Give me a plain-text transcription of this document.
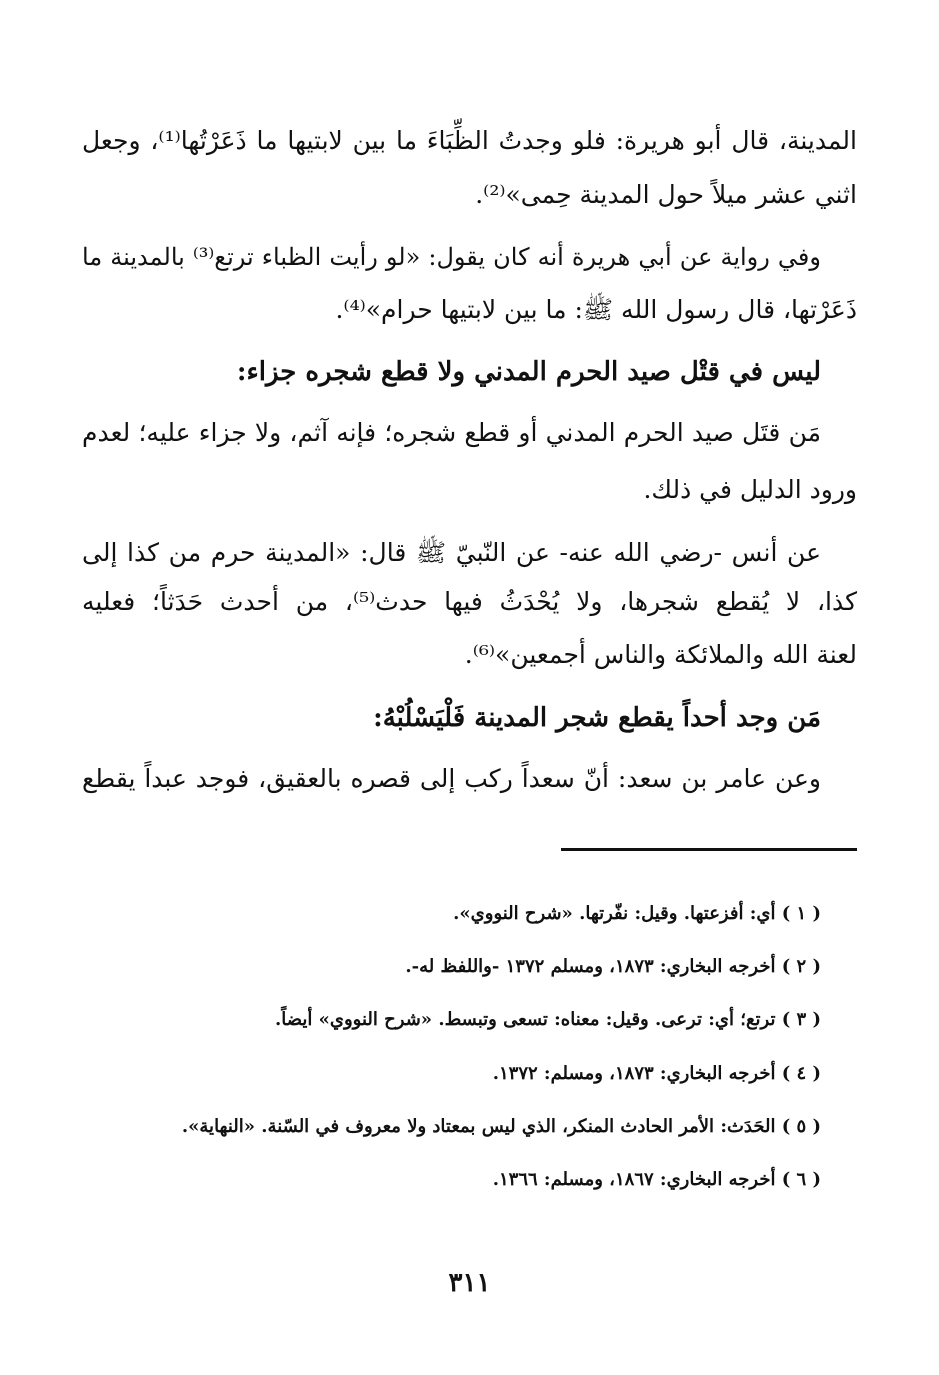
المدينة، قال أبو هريرة: فلو وجدتُ الظِّبَاءَ ما بين لابتيها ما ذَعَرْتُها⁽¹⁾، وجعل
اثني عشر ميلاً حول المدينة حِمى»⁽²⁾.
وفي رواية عن أبي هريرة أنه كان يقول: «لو رأيت الظباء ترتع⁽³⁾ بالمدينة ما
ذَعَرْتها، قال رسول الله ﷺ: ما بين لابتيها حرام»⁽⁴⁾.
ليس في قتْل صيد الحرم المدني ولا قطع شجره جزاء:
مَن قتَل صيد الحرم المدني أو قطع شجره؛ فإنه آثم، ولا جزاء عليه؛ لعدم
ورود الدليل في ذلك.
عن أنس -رضي الله عنه- عن النّبيّ ﷺ قال: «المدينة حرم من كذا إلى
كذا، لا يُقطع شجرها، ولا يُحْدَثُ فيها حدث⁽⁵⁾، من أحدث حَدَثاً؛ فعليه
لعنة الله والملائكة والناس أجمعين»⁽⁶⁾.
مَن وجد أحداً يقطع شجر المدينة فَلْيَسْلُبْهُ:
وعن عامر بن سعد: أنّ سعداً ركب إلى قصره بالعقيق، فوجد عبداً يقطع
( ١ ) أي: أفزعتها. وقيل: نفّرتها. «شرح النووي».
( ٢ ) أخرجه البخاري: ١٨٧٣، ومسلم ١٣٧٢ -واللفظ له-.
( ٣ ) ترتع؛ أي: ترعى. وقيل: معناه: تسعى وتبسط. «شرح النووي» أيضاً.
( ٤ ) أخرجه البخاري: ١٨٧٣، ومسلم: ١٣٧٢.
( ٥ ) الحَدَث: الأمر الحادث المنكر، الذي ليس بمعتاد ولا معروف في السّنة. «النهاية».
( ٦ ) أخرجه البخاري: ١٨٦٧، ومسلم: ١٣٦٦.
٣١١
